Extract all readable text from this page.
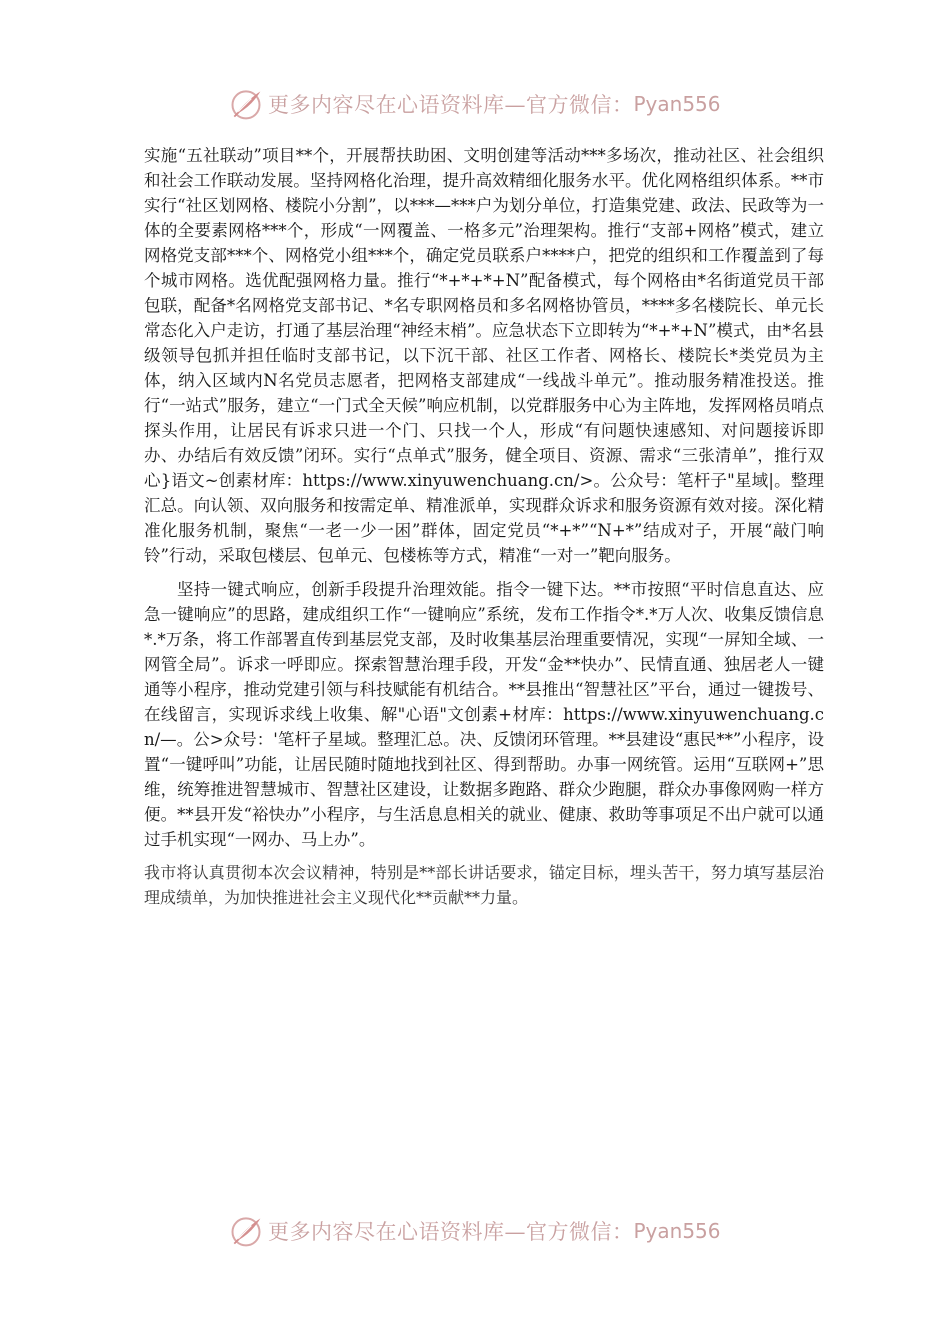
更多内容尽在心语资料库—官方微信： Pyan556

实施“五社联动”项目**个，开展帮扶助困、文明创建等活动***多场次，推动社区、社会组织和社会工作联动发展。坚持网格化治理，提升高效精细化服务水平。优化网格组织体系。**市实行“社区划网格、楼院小分割”，以***—***户为划分单位，打造集党建、政法、民政等为一体的全要素网格***个，形成“一网覆盖、一格多元”治理架构。推行“支部+网格”模式，建立网格党支部***个、网格党小组***个，确定党员联系户****户，把党的组织和工作覆盖到了每个城市网格。选优配强网格力量。推行“*+*+*+N”配备模式，每个网格由*名街道党员干部包联，配备*名网格党支部书记、*名专职网格员和多名网格协管员，****多名楼院长、单元长常态化入户走访，打通了基层治理“神经末梢”。应急状态下立即转为“*+*+N”模式，由*名县级领导包抓并担任临时支部书记，以下沉干部、社区工作者、网格长、楼院长*类党员为主体，纳入区域内N名党员志愿者，把网格支部建成“一线战斗单元”。推动服务精准投送。推行“一站式”服务，建立“一门式全天候”响应机制，以党群服务中心为主阵地，发挥网格员哨点探头作用，让居民有诉求只进一个门、只找一个人，形成“有问题快速感知、对问题接诉即办、办结后有效反馈”闭环。实行“点单式”服务，健全项目、资源、需求“三张清单”，推行双心}语文~创素材库：https://www.xinyuwenchuang.cn/>。公众号：笔杆子"星域|。整理汇总。向认领、双向服务和按需定单、精准派单，实现群众诉求和服务资源有效对接。深化精准化服务机制，聚焦“一老一少一困”群体，固定党员“*+*”“N+*”结成对子，开展“敲门响铃”行动，采取包楼层、包单元、包楼栋等方式，精准“一对一”靶向服务。

坚持一键式响应，创新手段提升治理效能。指令一键下达。**市按照“平时信息直达、应急一键响应”的思路，建成组织工作“一键响应”系统，发布工作指令*.*万人次、收集反馈信息*.*万条，将工作部署直传到基层党支部，及时收集基层治理重要情况，实现“一屏知全域、一网管全局”。诉求一呼即应。探索智慧治理手段，开发“金**快办”、民情直通、独居老人一键通等小程序，推动党建引领与科技赋能有机结合。**县推出“智慧社区”平台，通过一键拨号、在线留言，实现诉求线上收集、解"心语"文创素+材库：https://www.xinyuwenchuang.cn/—。公>众号：'笔杆子星域。整理汇总。决、反馈闭环管理。**县建设“惠民**”小程序，设置“一键呼叫”功能，让居民随时随地找到社区、得到帮助。办事一网统管。运用“互联网+”思维，统筹推进智慧城市、智慧社区建设，让数据多跑路、群众少跑腿，群众办事像网购一样方便。**县开发“裕快办”小程序，与生活息息相关的就业、健康、救助等事项足不出户就可以通过手机实现“一网办、马上办”。

我市将认真贯彻本次会议精神，特别是**部长讲话要求，锚定目标，埋头苦干，努力填写基层治理成绩单，为加快推进社会主义现代化**贡献**力量。

更多内容尽在心语资料库—官方微信： Pyan556
